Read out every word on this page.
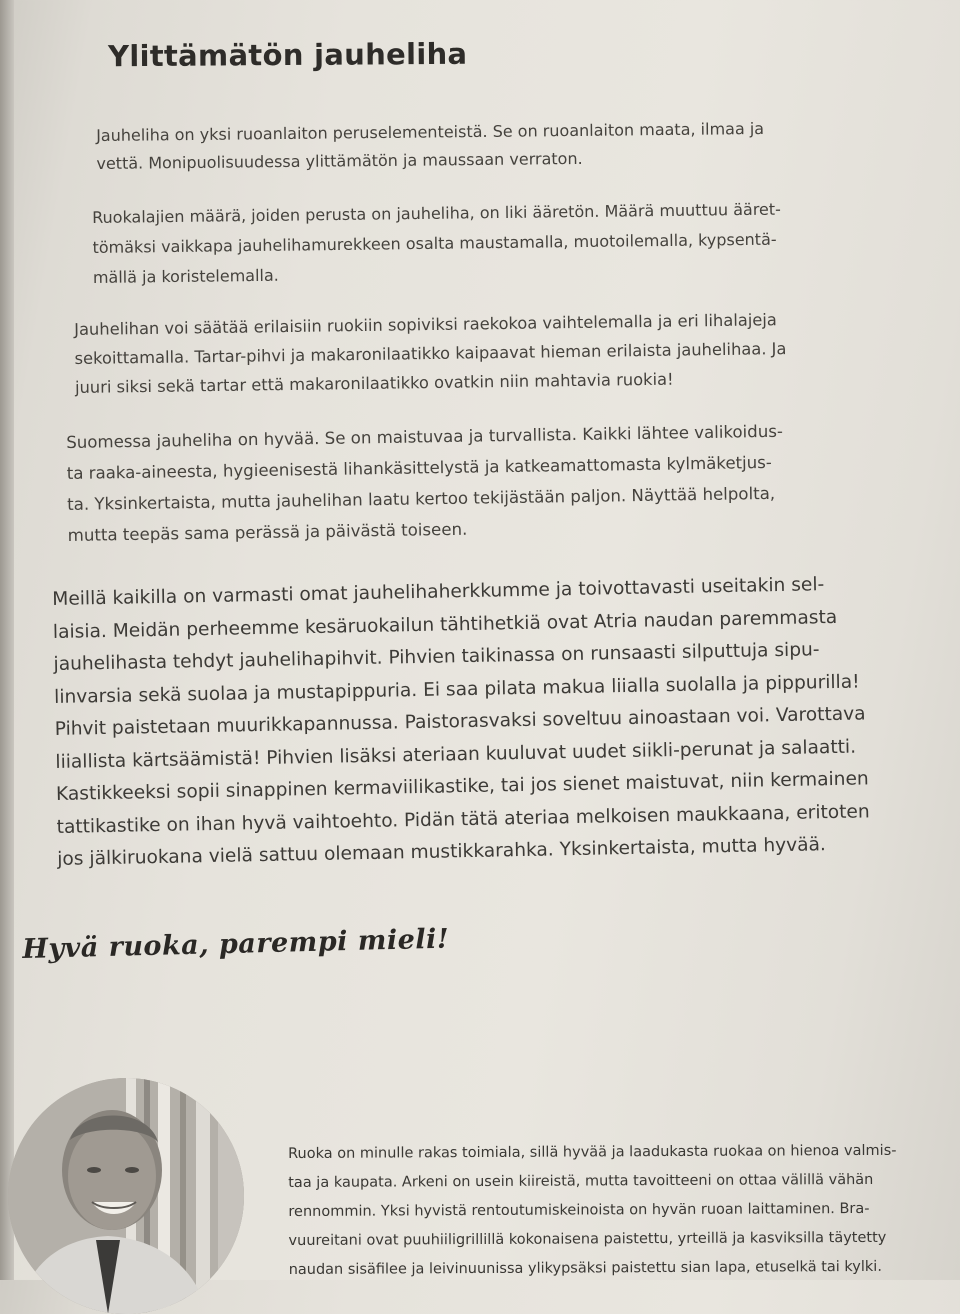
Ylittämätön jauheliha
Jauheliha on yksi ruoanlaiton peruselementeistä. Se on ruoanlaiton maata, ilmaa ja
vettä. Monipuolisuudessa ylittämätön ja maussaan verraton.
Ruokalajien määrä, joiden perusta on jauheliha, on liki ääretön. Määrä muuttuu ääret-
tömäksi vaikkapa jauhelihamurekkeen osalta maustamalla, muotoilemalla, kypsentä-
mällä ja koristelemalla.
Jauhelihan voi säätää erilaisiin ruokiin sopiviksi raekokoa vaihtelemalla ja eri lihalajeja
sekoittamalla. Tartar-pihvi ja makaronilaatikko kaipaavat hieman erilaista jauhelihaa. Ja
juuri siksi sekä tartar että makaronilaatikko ovatkin niin mahtavia ruokia!
Suomessa jauheliha on hyvää. Se on maistuvaa ja turvallista. Kaikki lähtee valikoidus-
ta raaka-aineesta, hygieenisestä lihankäsittelystä ja katkeamattomasta kylmäketjus-
ta. Yksinkertaista, mutta jauhelihan laatu kertoo tekijästään paljon. Näyttää helpolta,
mutta teepäs sama perässä ja päivästä toiseen.
Meillä kaikilla on varmasti omat jauhelihaherkkumme ja toivottavasti useitakin sel-
laisia. Meidän perheemme kesäruokailun tähtihetkiä ovat Atria naudan paremmasta
jauhelihasta tehdyt jauhelihapihvit. Pihvien taikinassa on runsaasti silputtuja sipu-
linvarsia sekä suolaa ja mustapippuria. Ei saa pilata makua liialla suolalla ja pippurilla!
Pihvit paistetaan muurikkapannussa. Paistorasvaksi soveltuu ainoastaan voi. Varottava
liiallista kärtsäämistä! Pihvien lisäksi ateriaan kuuluvat uudet siikli-perunat ja salaatti.
Kastikkeeksi sopii sinappinen kermaviilikastike, tai jos sienet maistuvat, niin kermainen
tattikastike on ihan hyvä vaihtoehto. Pidän tätä ateriaa melkoisen maukkaana, eritoten
jos jälkiruokana vielä sattuu olemaan mustikkarahka. Yksinkertaista, mutta hyvää.
Hyvä ruoka, parempi mieli!
Ruoka on minulle rakas toimiala, sillä hyvää ja laadukasta ruokaa on hienoa valmis-
taa ja kaupata. Arkeni on usein kiireistä, mutta tavoitteeni on ottaa välillä vähän
rennommin. Yksi hyvistä rentoutumiskeinoista on hyvän ruoan laittaminen. Bra-
vuureitani ovat puuhiiligrillillä kokonaisena paistettu, yrteillä ja kasviksilla täytetty
naudan sisäfilee ja leivinuunissa ylikypsäksi paistettu sian lapa, etuselkä tai kylki.
